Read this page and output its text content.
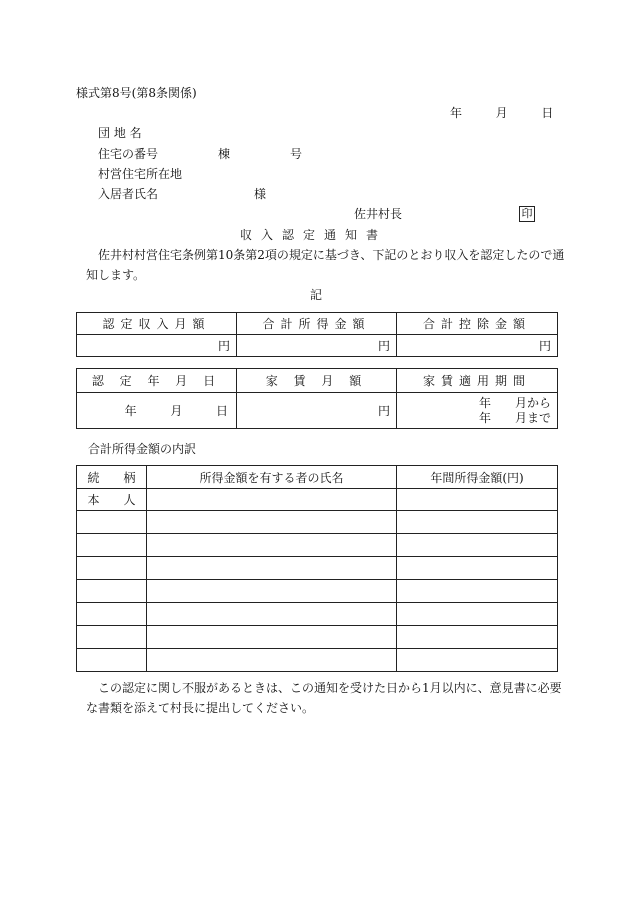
様式第8号(第8条関係)
年	月	日
団 地 名
住宅の番号	棟	号
村営住宅所在地
入居者氏名	様
佐井村長	印
収入認定通知書
佐井村村営住宅条例第10条第2項の規定に基づき、下記のとおり収入を認定したので通
知します。
記
認定収入月額	合計所得金額	合計控除金額
円	円	円
認 定 年 月 日	家 賃 月 額	家賃適用期間
年 月 日	円	年　　月から
年　　月まで
合計所得金額の内訳
続　　柄	所得金額を有する者の氏名	年間所得金額(円)
本　　人		

この認定に関し不服があるときは、この通知を受けた日から1月以内に、意見書に必要
な書類を添えて村長に提出してください。
